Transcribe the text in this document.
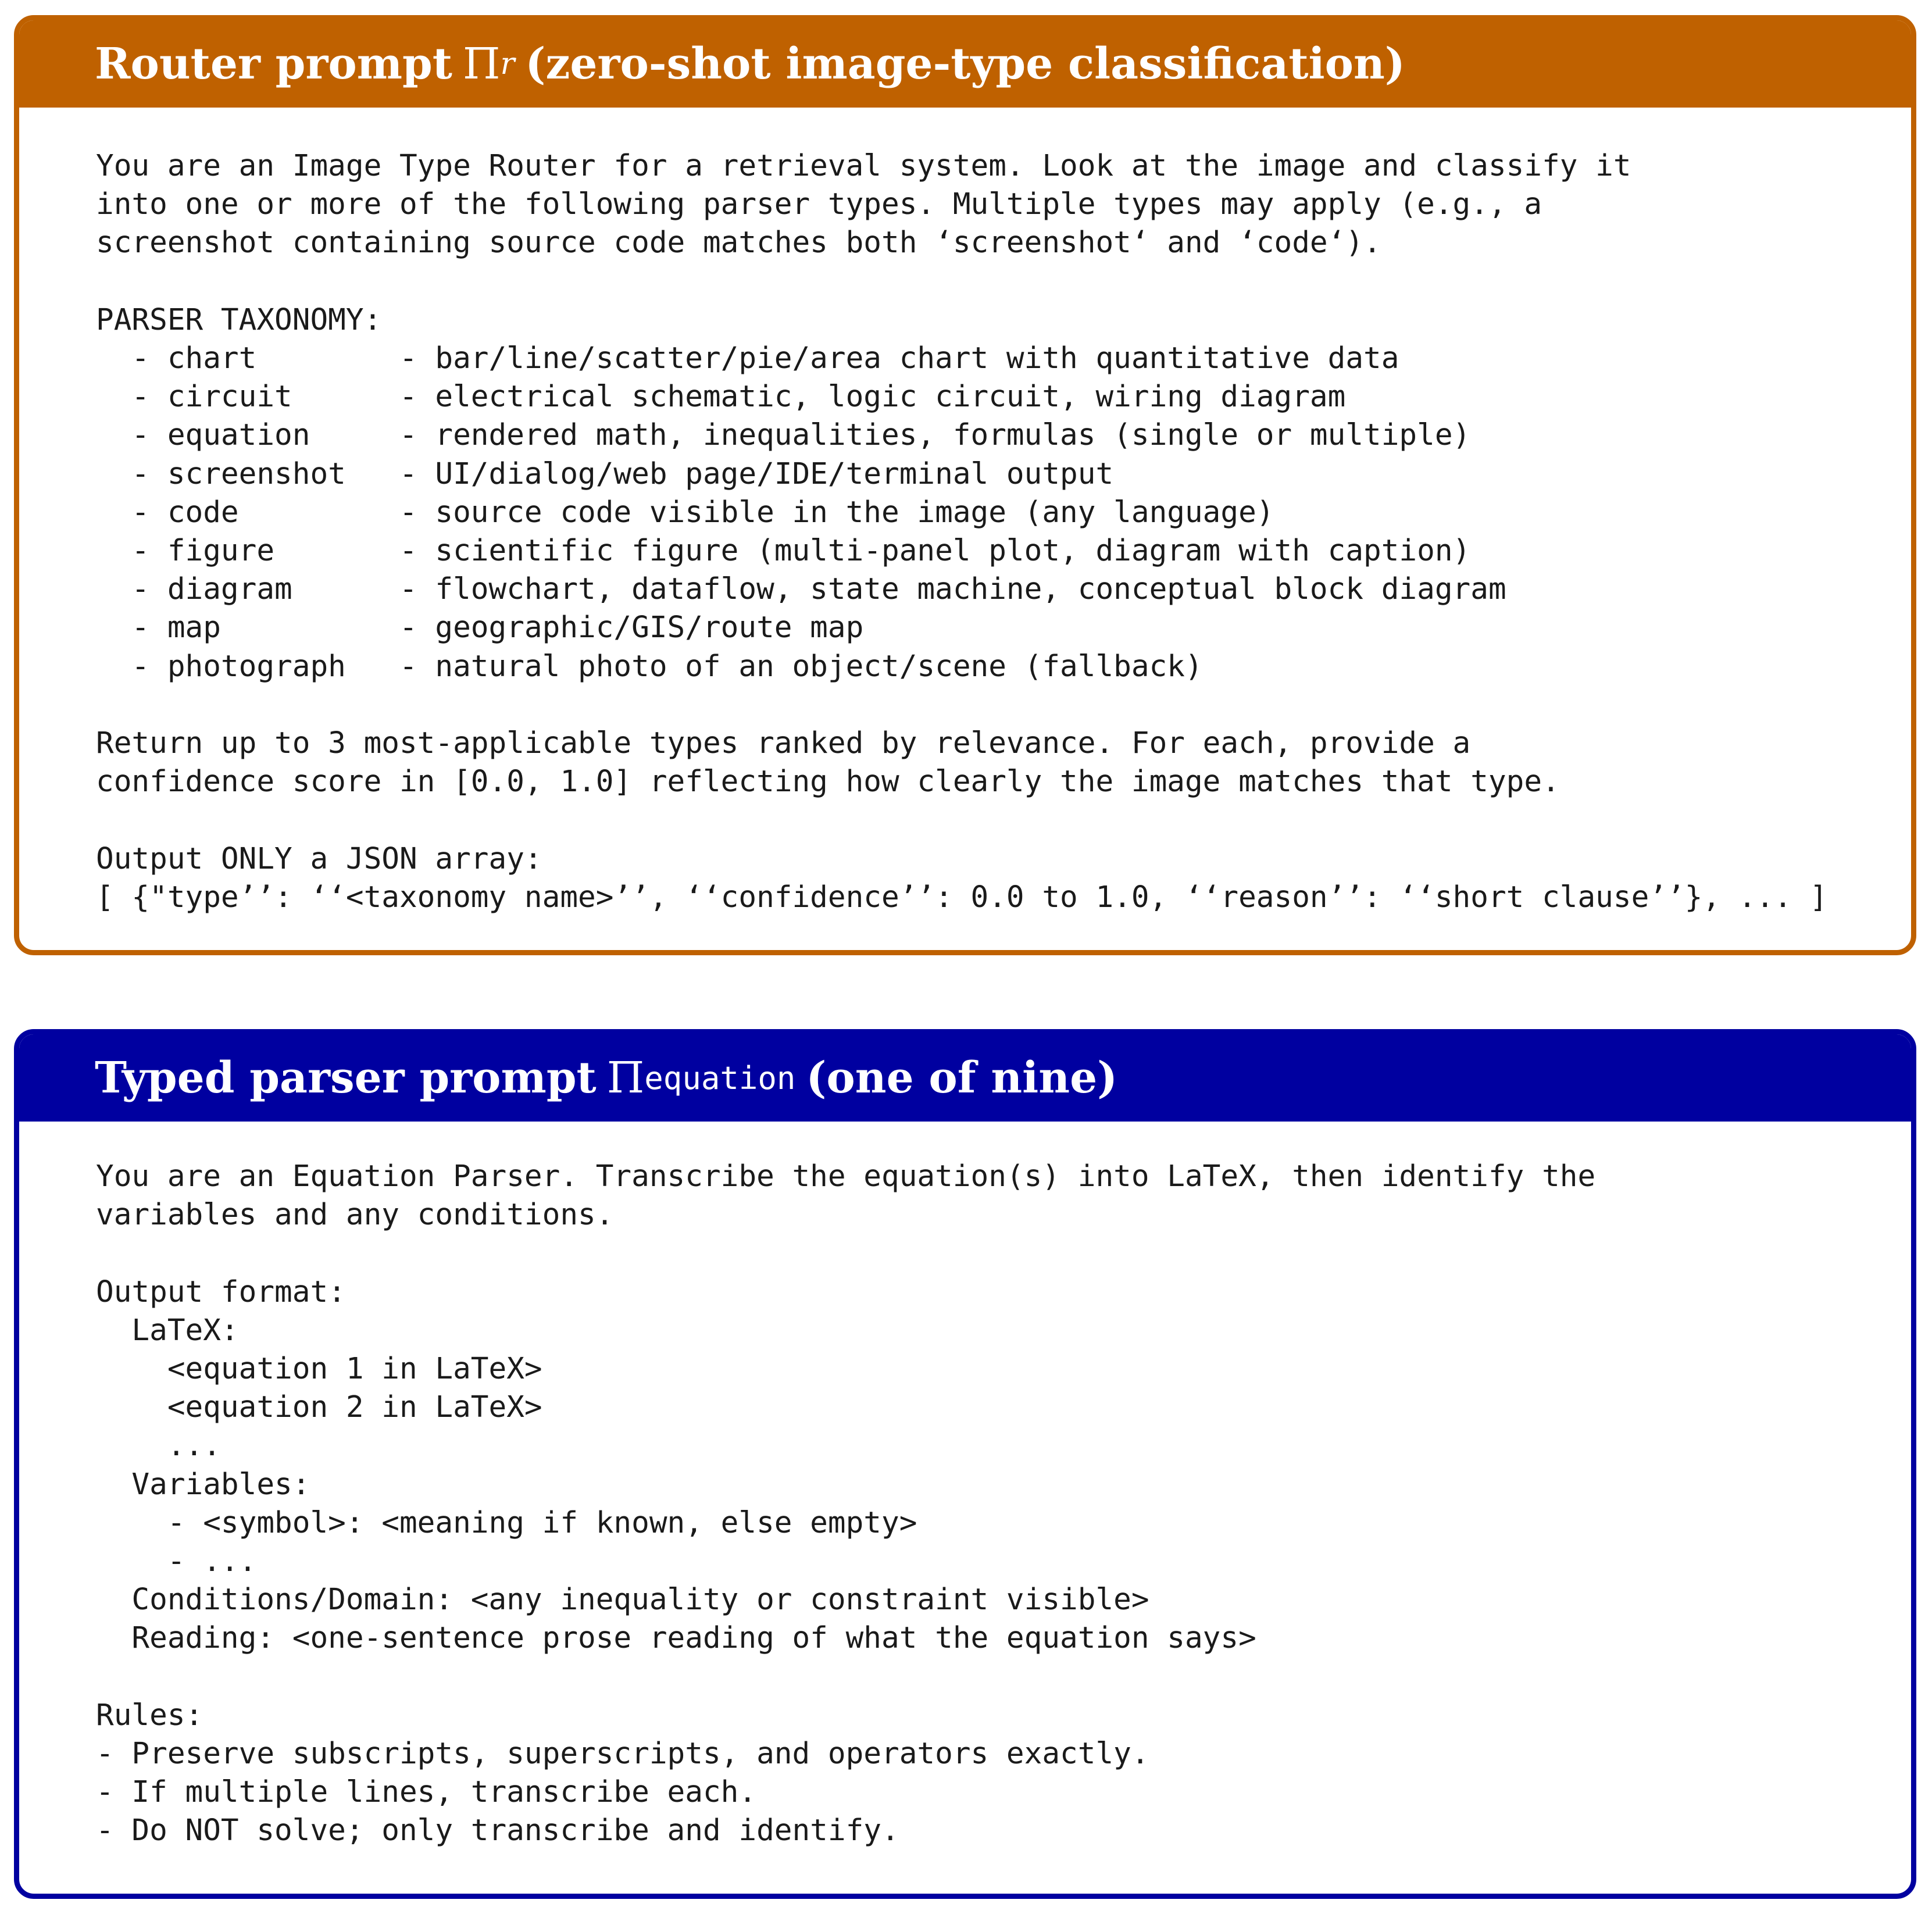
Router prompt Π r (zero-shot image-type classification)
You are an Image Type Router for a retrieval system. Look at the image and classify it
into one or more of the following parser types. Multiple types may apply (e.g., a
screenshot containing source code matches both ‘screenshot‘ and ‘code‘).

PARSER TAXONOMY:
- chart        - bar/line/scatter/pie/area chart with quantitative data
- circuit      - electrical schematic, logic circuit, wiring diagram
- equation     - rendered math, inequalities, formulas (single or multiple)
- screenshot   - UI/dialog/web page/IDE/terminal output
- code         - source code visible in the image (any language)
- figure       - scientific figure (multi-panel plot, diagram with caption)
- diagram      - flowchart, dataflow, state machine, conceptual block diagram
- map          - geographic/GIS/route map
- photograph   - natural photo of an object/scene (fallback)

Return up to 3 most-applicable types ranked by relevance. For each, provide a
confidence score in [0.0, 1.0] reflecting how clearly the image matches that type.

Output ONLY a JSON array:
[ {"type’’: ‘‘<taxonomy name>’’, ‘‘confidence’’: 0.0 to 1.0, ‘‘reason’’: ‘‘short clause’’}, ... ]
Typed parser prompt Π equation (one of nine)
You are an Equation Parser. Transcribe the equation(s) into LaTeX, then identify the
variables and any conditions.

Output format:
LaTeX:
<equation 1 in LaTeX>
<equation 2 in LaTeX>
...
Variables:
- <symbol>: <meaning if known, else empty>
- ...
Conditions/Domain: <any inequality or constraint visible>
Reading: <one-sentence prose reading of what the equation says>

Rules:
- Preserve subscripts, superscripts, and operators exactly.
- If multiple lines, transcribe each.
- Do NOT solve; only transcribe and identify.
